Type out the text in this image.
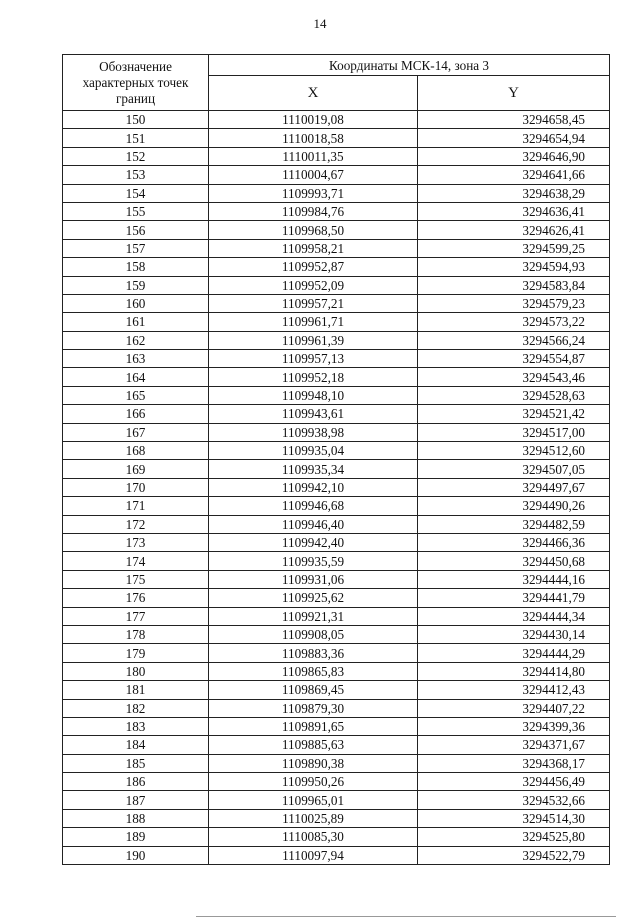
14
Обозначение характерных точек границ	Координаты МСК-14, зона 3	
	X	Y
150	1110019,08	3294658,45
151	1110018,58	3294654,94
152	1110011,35	3294646,90
153	1110004,67	3294641,66
154	1109993,71	3294638,29
155	1109984,76	3294636,41
156	1109968,50	3294626,41
157	1109958,21	3294599,25
158	1109952,87	3294594,93
159	1109952,09	3294583,84
160	1109957,21	3294579,23
161	1109961,71	3294573,22
162	1109961,39	3294566,24
163	1109957,13	3294554,87
164	1109952,18	3294543,46
165	1109948,10	3294528,63
166	1109943,61	3294521,42
167	1109938,98	3294517,00
168	1109935,04	3294512,60
169	1109935,34	3294507,05
170	1109942,10	3294497,67
171	1109946,68	3294490,26
172	1109946,40	3294482,59
173	1109942,40	3294466,36
174	1109935,59	3294450,68
175	1109931,06	3294444,16
176	1109925,62	3294441,79
177	1109921,31	3294444,34
178	1109908,05	3294430,14
179	1109883,36	3294444,29
180	1109865,83	3294414,80
181	1109869,45	3294412,43
182	1109879,30	3294407,22
183	1109891,65	3294399,36
184	1109885,63	3294371,67
185	1109890,38	3294368,17
186	1109950,26	3294456,49
187	1109965,01	3294532,66
188	1110025,89	3294514,30
189	1110085,30	3294525,80
190	1110097,94	3294522,79
